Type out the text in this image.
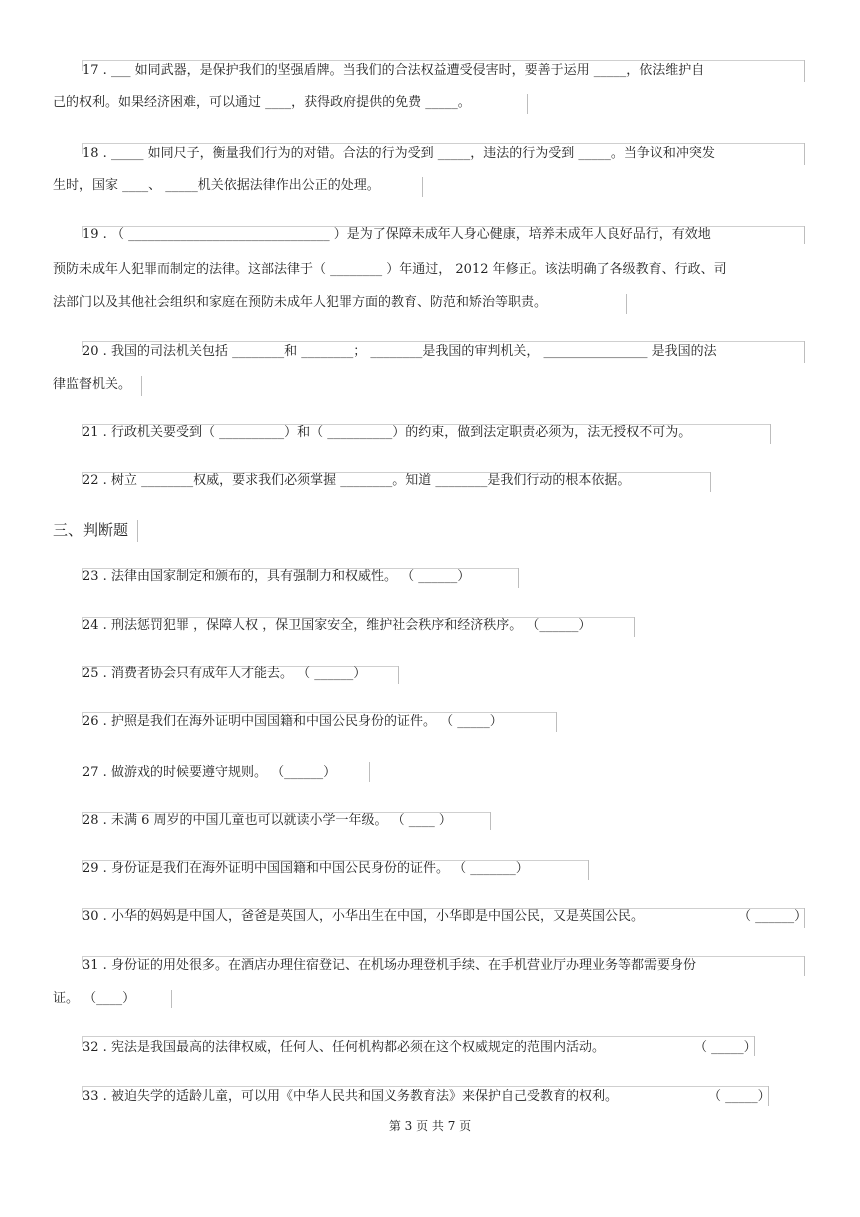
17 . ___ 如同武器，是保护我们的坚强盾牌。当我们的合法权益遭受侵害时，要善于运用 _____，依法维护自
己的权利。如果经济困难，可以通过 ____，获得政府提供的免费 _____。
18 . _____ 如同尺子，衡量我们行为的对错。合法的行为受到 _____，违法的行为受到 _____。当争议和冲突发
生时，国家 ____、 _____机关依据法律作出公正的处理。
19 . （ _______________________________ ）是为了保障未成年人身心健康，培养未成年人良好品行，有效地
预防未成年人犯罪而制定的法律。这部法律于（ ________ ）年通过， 2012 年修正。该法明确了各级教育、行政、司
法部门以及其他社会组织和家庭在预防未成年人犯罪方面的教育、防范和矫治等职责。
20 . 我国的司法机关包括 ________和 ________； ________是我国的审判机关， ________________ 是我国的法
律监督机关。
21 . 行政机关要受到（ __________）和（ __________）的约束，做到法定职责必须为，法无授权不可为。
22 . 树立 ________权威，要求我们必须掌握 ________。知道 ________是我们行动的根本依据。
三、判断题
23 . 法律由国家制定和颁布的，具有强制力和权威性。 （ ______）
24 . 刑法惩罚犯罪 ，保障人权 ，保卫国家安全，维护社会秩序和经济秩序。 （______）
25 . 消费者协会只有成年人才能去。 （ ______）
26 . 护照是我们在海外证明中国国籍和中国公民身份的证件。 （ _____）
27 . 做游戏的时候要遵守规则。 （______）
28 . 未满 6 周岁的中国儿童也可以就读小学一年级。 （ ____ ）
29 . 身份证是我们在海外证明中国国籍和中国公民身份的证件。 （ _______）
30 . 小华的妈妈是中国人，爸爸是英国人，小华出生在中国，小华即是中国公民，又是英国公民。	（ ______）
31 . 身份证的用处很多。在酒店办理住宿登记、在机场办理登机手续、在手机营业厅办理业务等都需要身份
证。 （____）
32 . 宪法是我国最高的法律权威，任何人、任何机构都必须在这个权威规定的范围内活动。	（ _____）
33 . 被迫失学的适龄儿童，可以用《中华人民共和国义务教育法》来保护自己受教育的权利。	（ _____）
第 3 页 共 7 页
